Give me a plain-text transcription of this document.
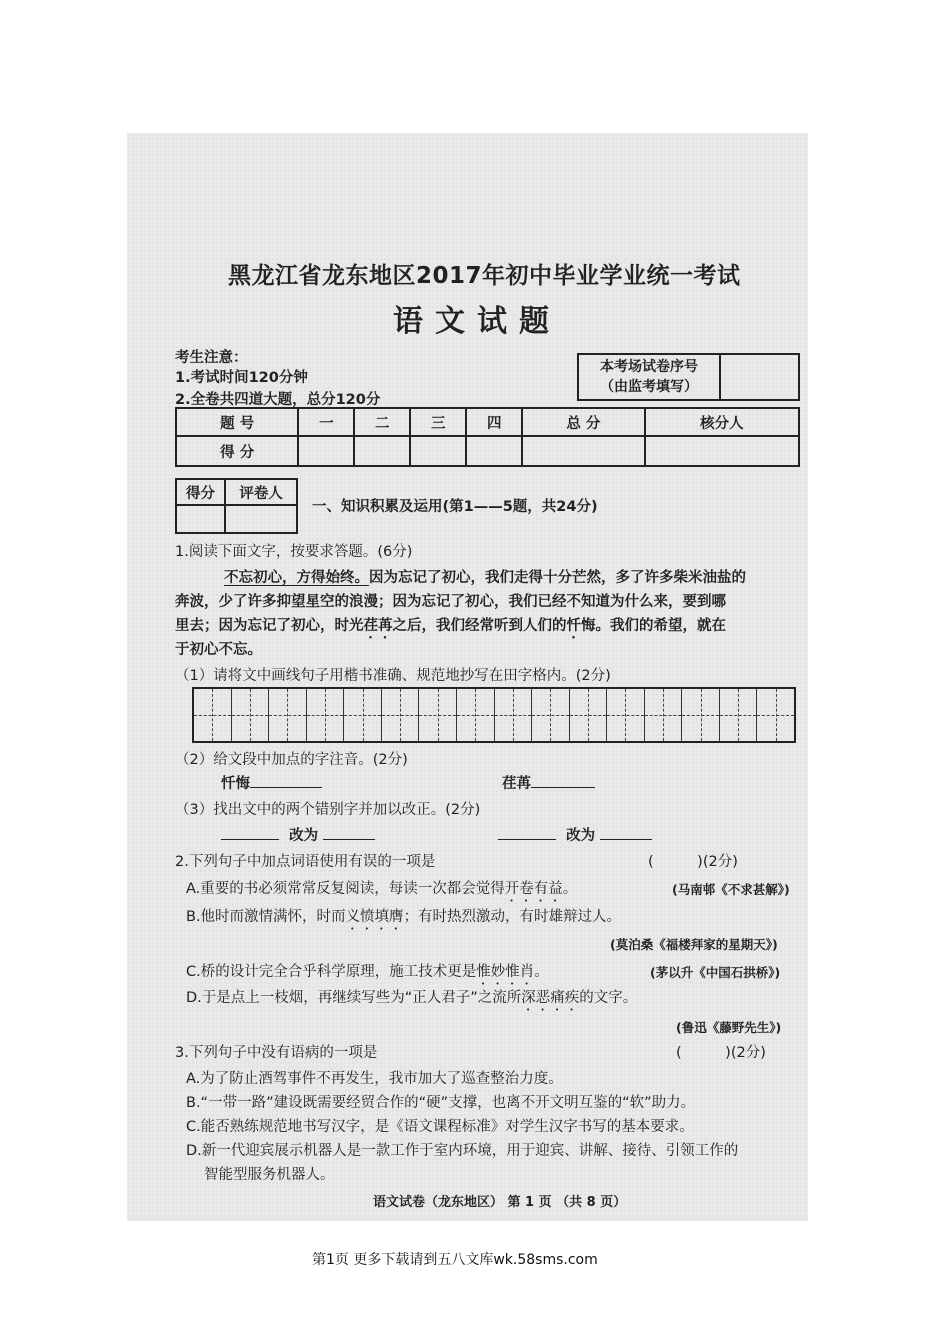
黑龙江省龙东地区2017年初中毕业学业统一考试
语文试题
考生注意：
1.考试时间120分钟
2.全卷共四道大题，总分120分
本考场试卷序号
（由监考填写）

题 号	一	二	三	四	总 分	核分人
得 分						
得分	评卷人

一、知识积累及运用(第1——5题，共24分)
1.阅读下面文字，按要求答题。(6分)
不忘初心，方得始终。因为忘记了初心，我们走得十分芒然，多了许多柴米油盐的
奔波，少了许多抑望星空的浪漫；因为忘记了初心，我们已经不知道为什么来，要到哪
里去；因为忘记了初心，时光荏苒之后，我们经常听到人们的忏悔。我们的希望，就在
于初心不忘。
（1）请将文中画线句子用楷书准确、规范地抄写在田字格内。(2分)
（2）给文段中加点的字注音。(2分)
忏悔	荏苒
（3）找出文中的两个错别字并加以改正。(2分)
改为	改为
2.下列句子中加点词语使用有误的一项是	(　　　)(2分)
A.重要的书必须常常反复阅读，每读一次都会觉得开卷有益。	(马南邨《不求甚解》)
B.他时而激情满怀，时而义愤填膺；有时热烈激动，有时雄辩过人。
(莫泊桑《福楼拜家的星期天》)
C.桥的设计完全合乎科学原理，施工技术更是惟妙惟肖。	(茅以升《中国石拱桥》)
D.于是点上一枝烟，再继续写些为“正人君子”之流所深恶痛疾的文字。
(鲁迅《藤野先生》)
3.下列句子中没有语病的一项是	(　　　)(2分)
A.为了防止酒驾事件不再发生，我市加大了巡查整治力度。
B.“一带一路”建设既需要经贸合作的“硬”支撑，也离不开文明互鉴的“软”助力。
C.能否熟练规范地书写汉字，是《语文课程标准》对学生汉字书写的基本要求。
D.新一代迎宾展示机器人是一款工作于室内环境，用于迎宾、讲解、接待、引领工作的
智能型服务机器人。
语文试卷（龙东地区） 第 1 页 （共 8 页）
第1页 更多下载请到五八文库wk.58sms.com
